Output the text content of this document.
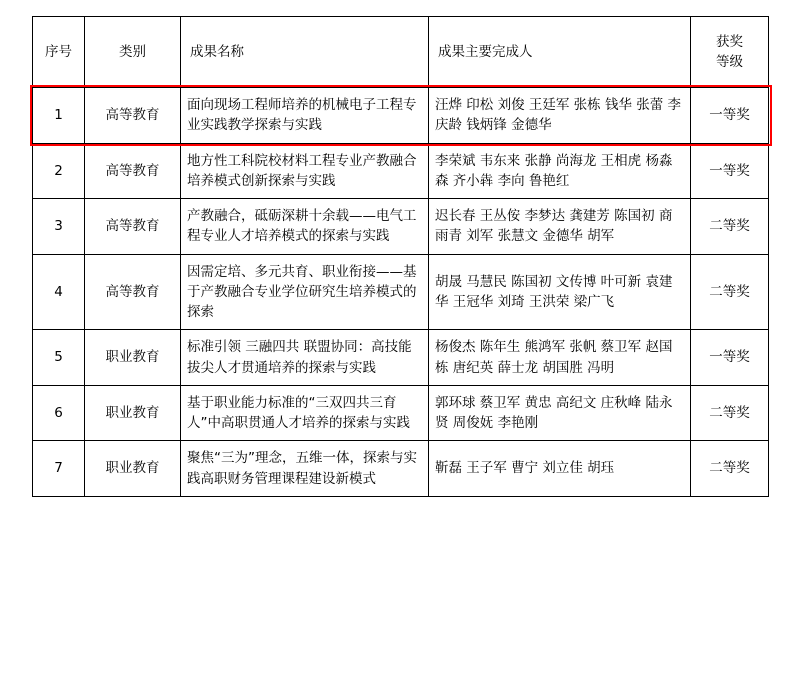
序号	类别	成果名称	成果主要完成人	获奖
等级

1	高等教育	面向现场工程师培养的机械电子工程专业实践教学探索与实践	汪烨 印松 刘俊 王廷军 张栋 钱华 张蕾 李庆龄 钱炳锋 金德华	一等奖
2	高等教育	地方性工科院校材料工程专业产教融合培养模式创新探索与实践	李荣斌 韦东来 张静 尚海龙 王相虎 杨淼森 齐小犇 李向 鲁艳红	一等奖
3	高等教育	产教融合，砥砺深耕十余载——电气工程专业人才培养模式的探索与实践	迟长春 王丛侒 李梦达 龚建芳 陈国初 商雨青 刘军 张慧文 金德华 胡军	二等奖
4	高等教育	因需定培、多元共育、职业衔接——基于产教融合专业学位研究生培养模式的探索	胡晟 马慧民 陈国初 文传博 叶可新 袁建华 王冠华 刘琦 王洪荣 梁广飞	二等奖
5	职业教育	标准引领 三融四共 联盟协同：高技能拔尖人才贯通培养的探索与实践	杨俊杰 陈年生 熊鸿军 张帆 蔡卫军 赵国栋 唐纪英 薛士龙 胡国胜 冯明	一等奖
6	职业教育	基于职业能力标准的“三双四共三育人”中高职贯通人才培养的探索与实践	郭环球 蔡卫军 黄忠 高纪文 庄秋峰 陆永贤 周俊妩 李艳刚	二等奖
7	职业教育	聚焦“三为”理念，五维一体，探索与实践高职财务管理课程建设新模式	靳磊 王子军 曹宁 刘立佳 胡珏	二等奖
